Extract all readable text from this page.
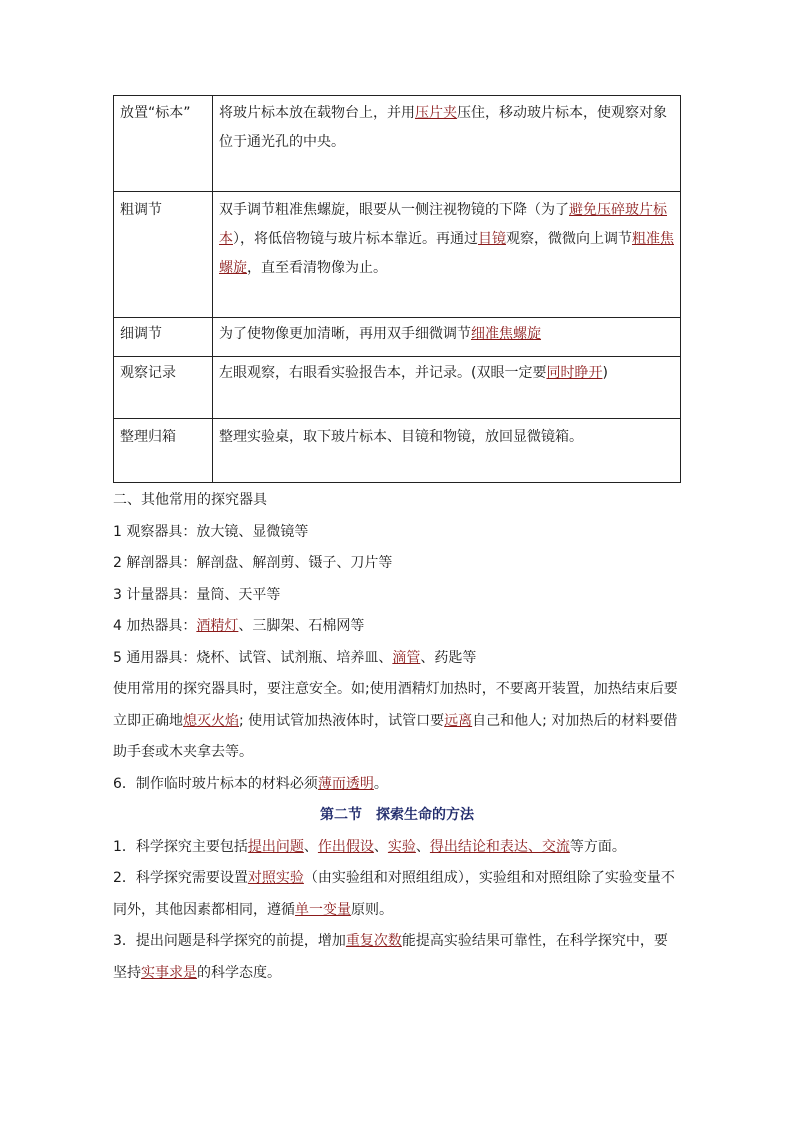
放置“标本”	将玻片标本放在载物台上，并用压片夹压住，移动玻片标本，使观察对象位于通光孔的中央。
粗调节	双手调节粗准焦螺旋，眼要从一侧注视物镜的下降（为了避免压碎玻片标本），将低倍物镜与玻片标本靠近。再通过目镜观察，微微向上调节粗准焦螺旋，直至看清物像为止。
细调节	为了使物像更加清晰，再用双手细微调节细准焦螺旋
观察记录	左眼观察，右眼看实验报告本，并记录。(双眼一定要同时睁开)
整理归箱	整理实验桌，取下玻片标本、目镜和物镜，放回显微镜箱。
二、其他常用的探究器具
1 观察器具：放大镜、显微镜等
2 解剖器具：解剖盘、解剖剪、镊子、刀片等
3 计量器具：量筒、天平等
4 加热器具：酒精灯、三脚架、石棉网等
5 通用器具：烧杯、试管、试剂瓶、培养皿、滴管、药匙等
使用常用的探究器具时，要注意安全。如;使用酒精灯加热时，不要离开装置，加热结束后要立即正确地熄灭火焰; 使用试管加热液体时，试管口要远离自己和他人; 对加热后的材料要借助手套或木夹拿去等。
6．制作临时玻片标本的材料必须薄而透明。
第二节　探索生命的方法
1．科学探究主要包括提出问题、作出假设、实验、得出结论和表达、交流等方面。
2．科学探究需要设置对照实验（由实验组和对照组组成），实验组和对照组除了实验变量不同外，其他因素都相同，遵循单一变量原则。
3．提出问题是科学探究的前提，增加重复次数能提高实验结果可靠性，在科学探究中，要坚持实事求是的科学态度。
